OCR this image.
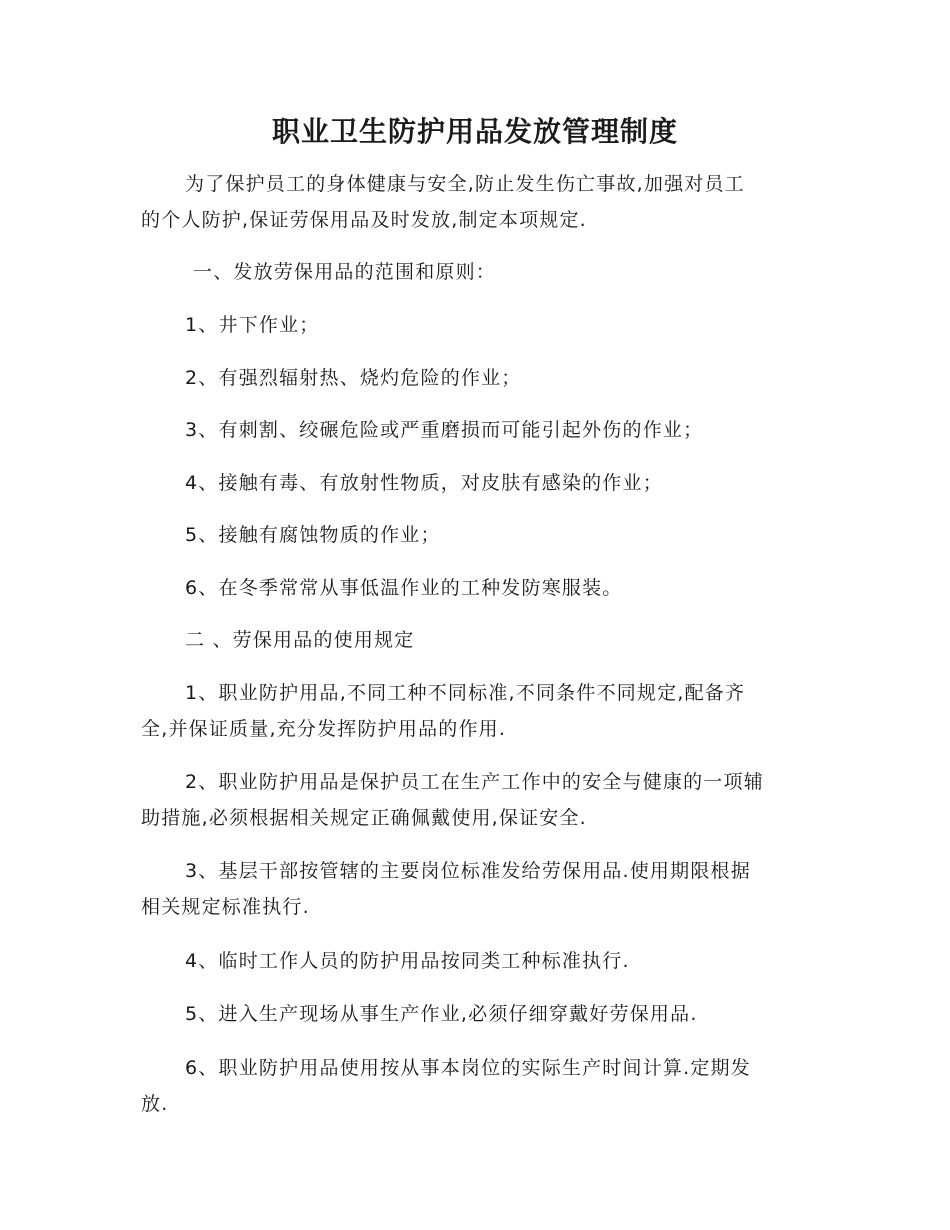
职业卫生防护用品发放管理制度

为了保护员工的身体健康与安全,防止发生伤亡事故,加强对员工
的个人防护,保证劳保用品及时发放,制定本项规定.

一、发放劳保用品的范围和原则：

1、井下作业；

2、有强烈辐射热、烧灼危险的作业；

3、有刺割、绞碾危险或严重磨损而可能引起外伤的作业；

4、接触有毒、有放射性物质，对皮肤有感染的作业；

5、接触有腐蚀物质的作业；

6、在冬季常常从事低温作业的工种发防寒服装。

二 、劳保用品的使用规定

1、职业防护用品,不同工种不同标准,不同条件不同规定,配备齐
全,并保证质量,充分发挥防护用品的作用.

2、职业防护用品是保护员工在生产工作中的安全与健康的一项辅
助措施,必须根据相关规定正确佩戴使用,保证安全.

3、基层干部按管辖的主要岗位标准发给劳保用品.使用期限根据
相关规定标准执行.

4、临时工作人员的防护用品按同类工种标准执行.

5、进入生产现场从事生产作业,必须仔细穿戴好劳保用品.

6、职业防护用品使用按从事本岗位的实际生产时间计算.定期发
放.
